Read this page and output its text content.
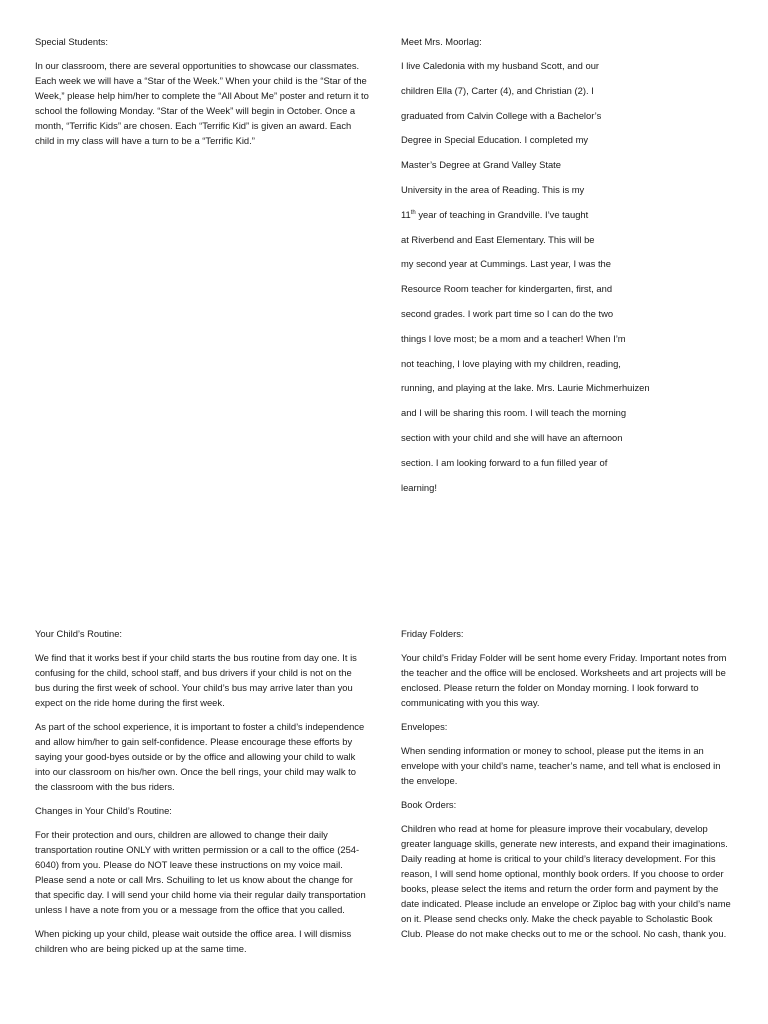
Special Students:

In our classroom, there are several opportunities to showcase our classmates. Each week we will have a “Star of the Week.” When your child is the “Star of the Week,” please help him/her to complete the “All About Me” poster and return it to school the following Monday. “Star of the Week” will begin in October. Once a month, “Terrific Kids” are chosen. Each “Terrific Kid” is given an award. Each child in my class will have a turn to be a “Terrific Kid.”

Meet Mrs. Moorlag:

I live Caledonia with my husband Scott, and our

children Ella (7), Carter (4), and Christian (2). I

graduated from Calvin College with a Bachelor’s

Degree in Special Education. I completed my

Master’s Degree at Grand Valley State

University in the area of Reading. This is my

11th year of teaching in Grandville. I’ve taught

at Riverbend and East Elementary. This will be

my second year at Cummings. Last year, I was the

Resource Room teacher for kindergarten, first, and

second grades. I work part time so I can do the two

things I love most; be a mom and a teacher! When I’m

not teaching, I love playing with my children, reading,

running, and playing at the lake. Mrs. Laurie Michmerhuizen

and I will be sharing this room. I will teach the morning

section with your child and she will have an afternoon

section. I am looking forward to a fun filled year of

learning!

Your Child’s Routine:

We find that it works best if your child starts the bus routine from day one. It is confusing for the child, school staff, and bus drivers if your child is not on the bus during the first week of school. Your child’s bus may arrive later than you expect on the ride home during the first week.

As part of the school experience, it is important to foster a child’s independence and allow him/her to gain self-confidence. Please encourage these efforts by saying your good-byes outside or by the office and allowing your child to walk into our classroom on his/her own. Once the bell rings, your child may walk to the classroom with the bus riders.

Changes in Your Child’s Routine:

For their protection and ours, children are allowed to change their daily transportation routine ONLY with written permission or a call to the office (254-6040) from you. Please do NOT leave these instructions on my voice mail. Please send a note or call Mrs. Schuiling to let us know about the change for that specific day. I will send your child home via their regular daily transportation unless I have a note from you or a message from the office that you called.

When picking up your child, please wait outside the office area. I will dismiss children who are being picked up at the same time.

Friday Folders:

Your child’s Friday Folder will be sent home every Friday. Important notes from the teacher and the office will be enclosed. Worksheets and art projects will be enclosed. Please return the folder on Monday morning. I look forward to communicating with you this way.

Envelopes:

When sending information or money to school, please put the items in an envelope with your child’s name, teacher’s name, and tell what is enclosed in the envelope.

Book Orders:

Children who read at home for pleasure improve their vocabulary, develop greater language skills, generate new interests, and expand their imaginations. Daily reading at home is critical to your child’s literacy development. For this reason, I will send home optional, monthly book orders. If you choose to order books, please select the items and return the order form and payment by the date indicated. Please include an envelope or Ziploc bag with your child’s name on it. Please send checks only. Make the check payable to Scholastic Book Club. Please do not make checks out to me or the school. No cash, thank you.
